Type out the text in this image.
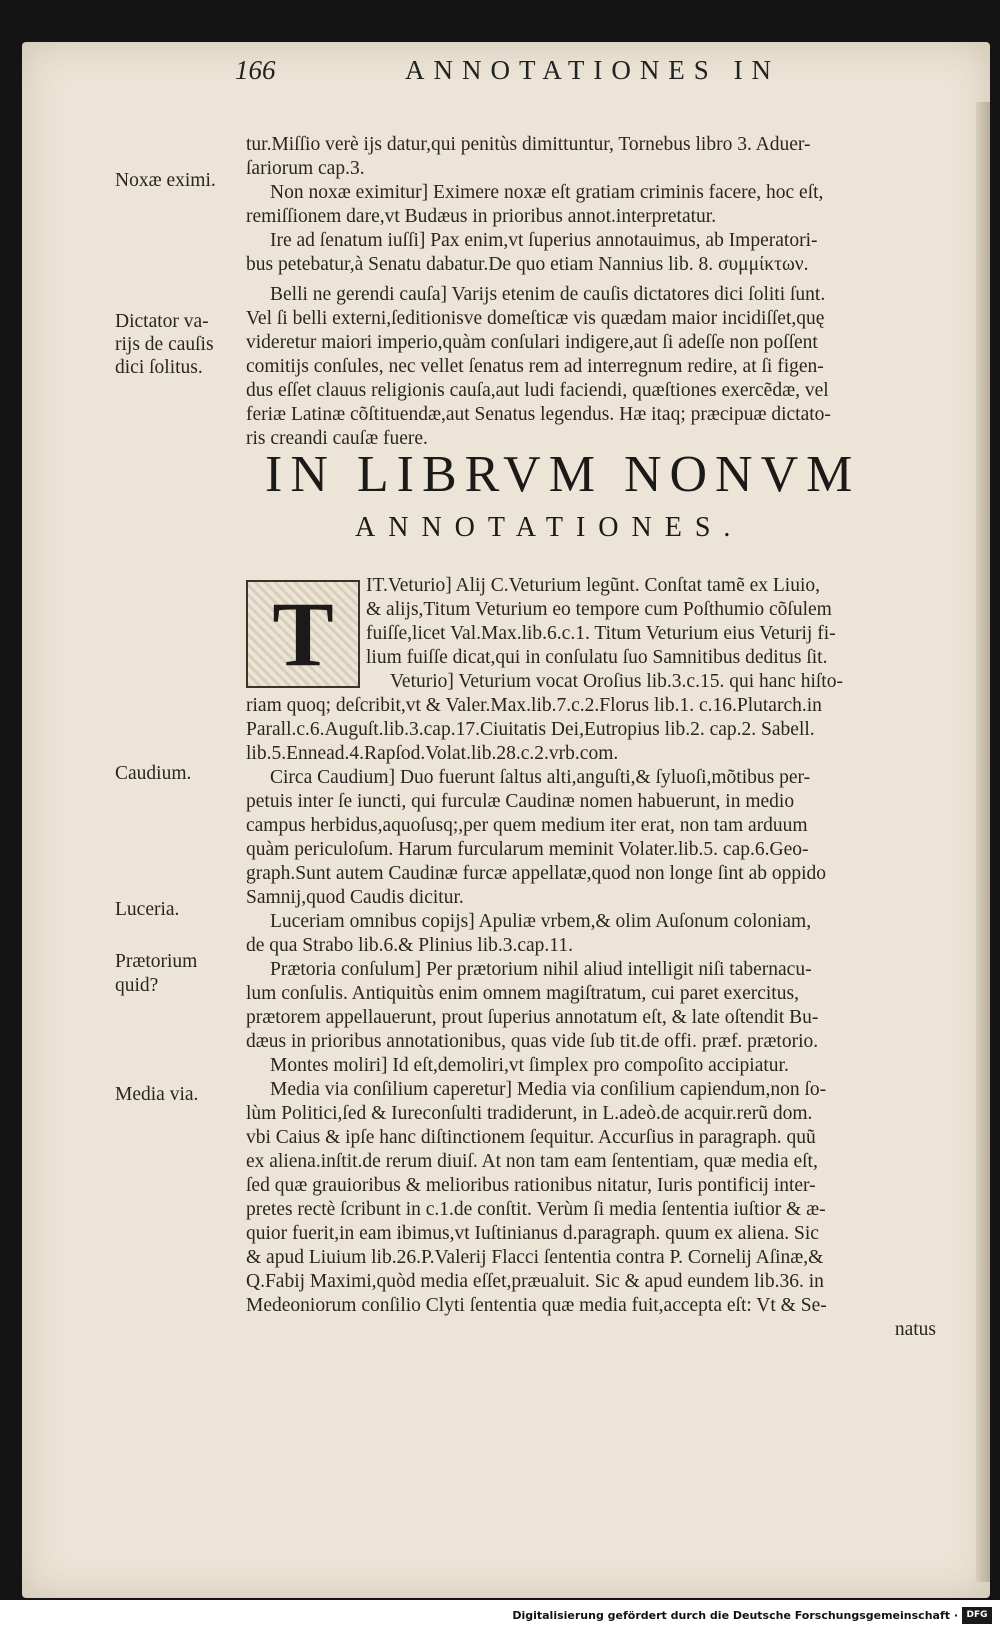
166	ANNOTATIONES IN
tur.Miſſio verè ijs datur,qui penitùs dimittuntur, Tornebus libro 3. Aduer-
ſariorum cap.3.
Non noxæ eximitur] Eximere noxæ eſt gratiam criminis facere, hoc eſt,
remiſſionem dare,vt Budæus in prioribus annot.interpretatur.
Ire ad ſenatum iuſſi] Pax enim,vt ſuperius annotauimus, ab Imperatori-
bus petebatur,à Senatu dabatur.De quo etiam Nannius lib. 8. συμμίκτων.
Belli ne gerendi cauſa] Varijs etenim de cauſis dictatores dici ſoliti ſunt.
Vel ſi belli externi,ſeditionisve domeſticæ vis quædam maior incidiſſet,quę
videretur maiori imperio,quàm conſulari indigere,aut ſi adeſſe non poſſent
comitijs conſules, nec vellet ſenatus rem ad interregnum redire, at ſi figen-
dus eſſet clauus religionis cauſa,aut ludi faciendi, quæſtiones exercẽdæ, vel
feriæ Latinæ cõſtituendæ,aut Senatus legendus. Hæ itaq; præcipuæ dictato-
ris creandi cauſæ fuere.
Noxæ eximi.
Dictator va-
rijs de cauſis
dici ſolitus.
Caudium.
Luceria.
Prætorium
quid?
Media via.
IN LIBRVM NONVM
ANNOTATIONES.
T	IT.Veturio] Alij C.Veturium legũnt. Conſtat tamẽ ex Liuio,
& alijs,Titum Veturium eo tempore cum Poſthumio cõſulem
fuiſſe,licet Val.Max.lib.6.c.1. Titum Veturium eius Veturij fi-
lium fuiſſe dicat,qui in conſulatu ſuo Samnitibus deditus ſit.
Veturio] Veturium vocat Oroſius lib.3.c.15. qui hanc hiſto-
riam quoq; deſcribit,vt & Valer.Max.lib.7.c.2.Florus lib.1. c.16.Plutarch.in
Parall.c.6.Auguſt.lib.3.cap.17.Ciuitatis Dei,Eutropius lib.2. cap.2. Sabell.
lib.5.Ennead.4.Rapſod.Volat.lib.28.c.2.vrb.com.
Circa Caudium] Duo fuerunt ſaltus alti,anguſti,& ſyluoſi,mõtibus per-
petuis inter ſe iuncti, qui furculæ Caudinæ nomen habuerunt, in medio
campus herbidus,aquoſusq;,per quem medium iter erat, non tam arduum
quàm periculoſum. Harum furcularum meminit Volater.lib.5. cap.6.Geo-
graph.Sunt autem Caudinæ furcæ appellatæ,quod non longe ſint ab oppido
Samnij,quod Caudis dicitur.
Luceriam omnibus copijs] Apuliæ vrbem,& olim Auſonum coloniam,
de qua Strabo lib.6.& Plinius lib.3.cap.11.
Prætoria conſulum] Per prætorium nihil aliud intelligit niſi tabernacu-
lum conſulis. Antiquitùs enim omnem magiſtratum, cui paret exercitus,
prætorem appellauerunt, prout ſuperius annotatum eſt, & late oſtendit Bu-
dæus in prioribus annotationibus, quas vide ſub tit.de offi. præf. prætorio.
Montes moliri] Id eſt,demoliri,vt ſimplex pro compoſito accipiatur.
Media via conſilium caperetur] Media via conſilium capiendum,non ſo-
lùm Politici,ſed & Iureconſulti tradiderunt, in L.adeò.de acquir.rerũ dom.
vbi Caius & ipſe hanc diſtinctionem ſequitur. Accurſius in paragraph. quũ
ex aliena.inſtit.de rerum diuiſ. At non tam eam ſententiam, quæ media eſt,
ſed quæ grauioribus & melioribus rationibus nitatur, Iuris pontificij inter-
pretes rectè ſcribunt in c.1.de conſtit. Verùm ſi media ſententia iuſtior & æ-
quior fuerit,in eam ibimus,vt Iuſtinianus d.paragraph. quum ex aliena. Sic
& apud Liuium lib.26.P.Valerij Flacci ſententia contra P. Cornelij Aſinæ,&
Q.Fabij Maximi,quòd media eſſet,præualuit. Sic & apud eundem lib.36. in
Medeoniorum conſilio Clyti ſententia quæ media fuit,accepta eſt: Vt & Se-
natus
Digitalisierung gefördert durch die Deutsche Forschungsgemeinschaft · DFG
